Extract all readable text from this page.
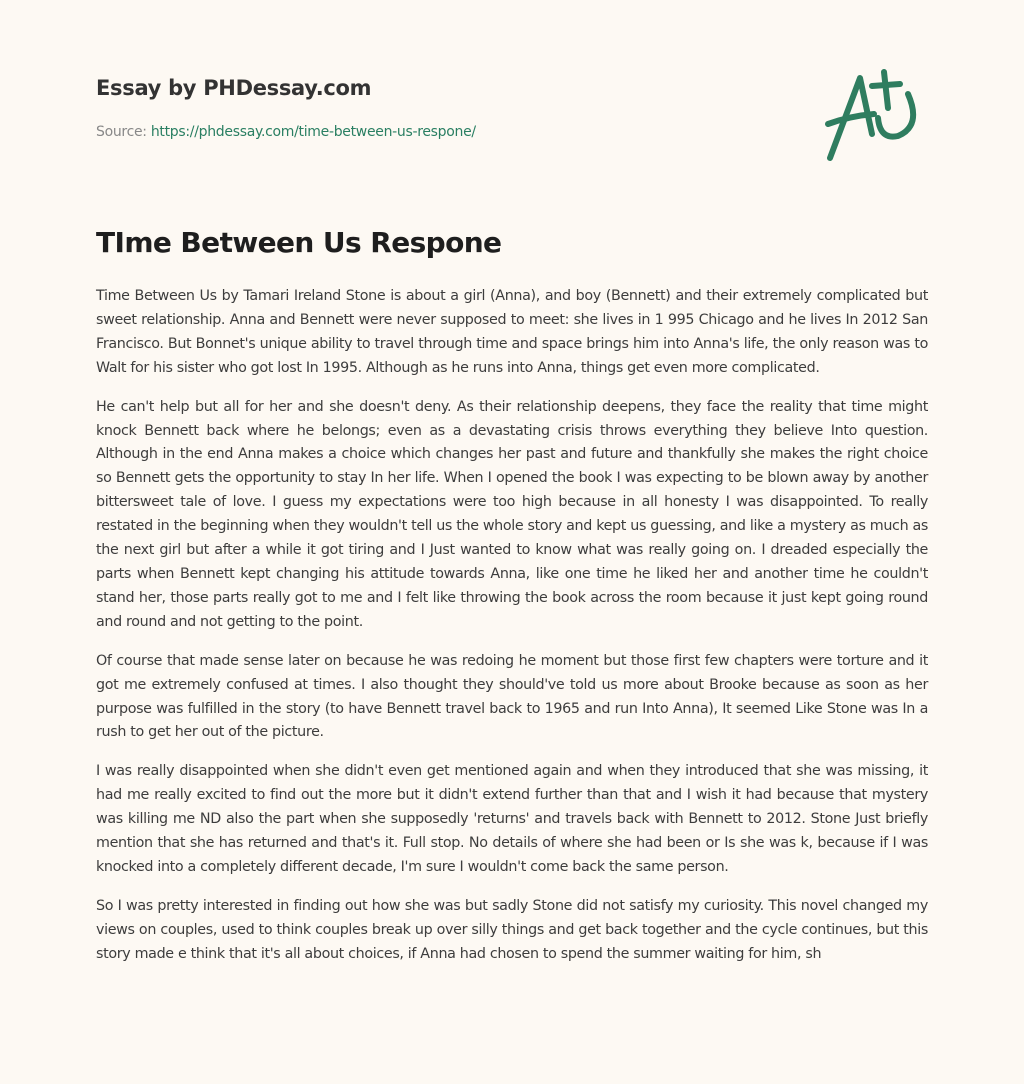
Essay by PHDessay.com
Source: https://phdessay.com/time-between-us-respone/
TIme Between Us Respone

Time Between Us by Tamari Ireland Stone is about a girl (Anna), and boy (Bennett) and their extremely complicated but sweet relationship. Anna and Bennett were never supposed to meet: she lives in 1 995 Chicago and he lives In 2012 San Francisco. But Bonnet's unique ability to travel through time and space brings him into Anna's life, the only reason was to Walt for his sister who got lost In 1995. Although as he runs into Anna, things get even more complicated.

He can't help but all for her and she doesn't deny. As their relationship deepens, they face the reality that time might knock Bennett back where he belongs; even as a devastating crisis throws everything they believe Into question. Although in the end Anna makes a choice which changes her past and future and thankfully she makes the right choice so Bennett gets the opportunity to stay In her life. When I opened the book I was expecting to be blown away by another bittersweet tale of love. I guess my expectations were too high because in all honesty I was disappointed. To really restated in the beginning when they wouldn't tell us the whole story and kept us guessing, and like a mystery as much as the next girl but after a while it got tiring and I Just wanted to know what was really going on. I dreaded especially the parts when Bennett kept changing his attitude towards Anna, like one time he liked her and another time he couldn't stand her, those parts really got to me and I felt like throwing the book across the room because it just kept going round and round and not getting to the point.

Of course that made sense later on because he was redoing he moment but those first few chapters were torture and it got me extremely confused at times. I also thought they should've told us more about Brooke because as soon as her purpose was fulfilled in the story (to have Bennett travel back to 1965 and run Into Anna), It seemed Like Stone was In a rush to get her out of the picture.

I was really disappointed when she didn't even get mentioned again and when they introduced that she was missing, it had me really excited to find out the more but it didn't extend further than that and I wish it had because that mystery was killing me ND also the part when she supposedly 'returns' and travels back with Bennett to 2012. Stone Just briefly mention that she has returned and that's it. Full stop. No details of where she had been or Is she was k, because if I was knocked into a completely different decade, I'm sure I wouldn't come back the same person.

So I was pretty interested in finding out how she was but sadly Stone did not satisfy my curiosity. This novel changed my views on couples, used to think couples break up over silly things and get back together and the cycle continues, but this story made e think that it's all about choices, if Anna had chosen to spend the summer waiting for him, sh
